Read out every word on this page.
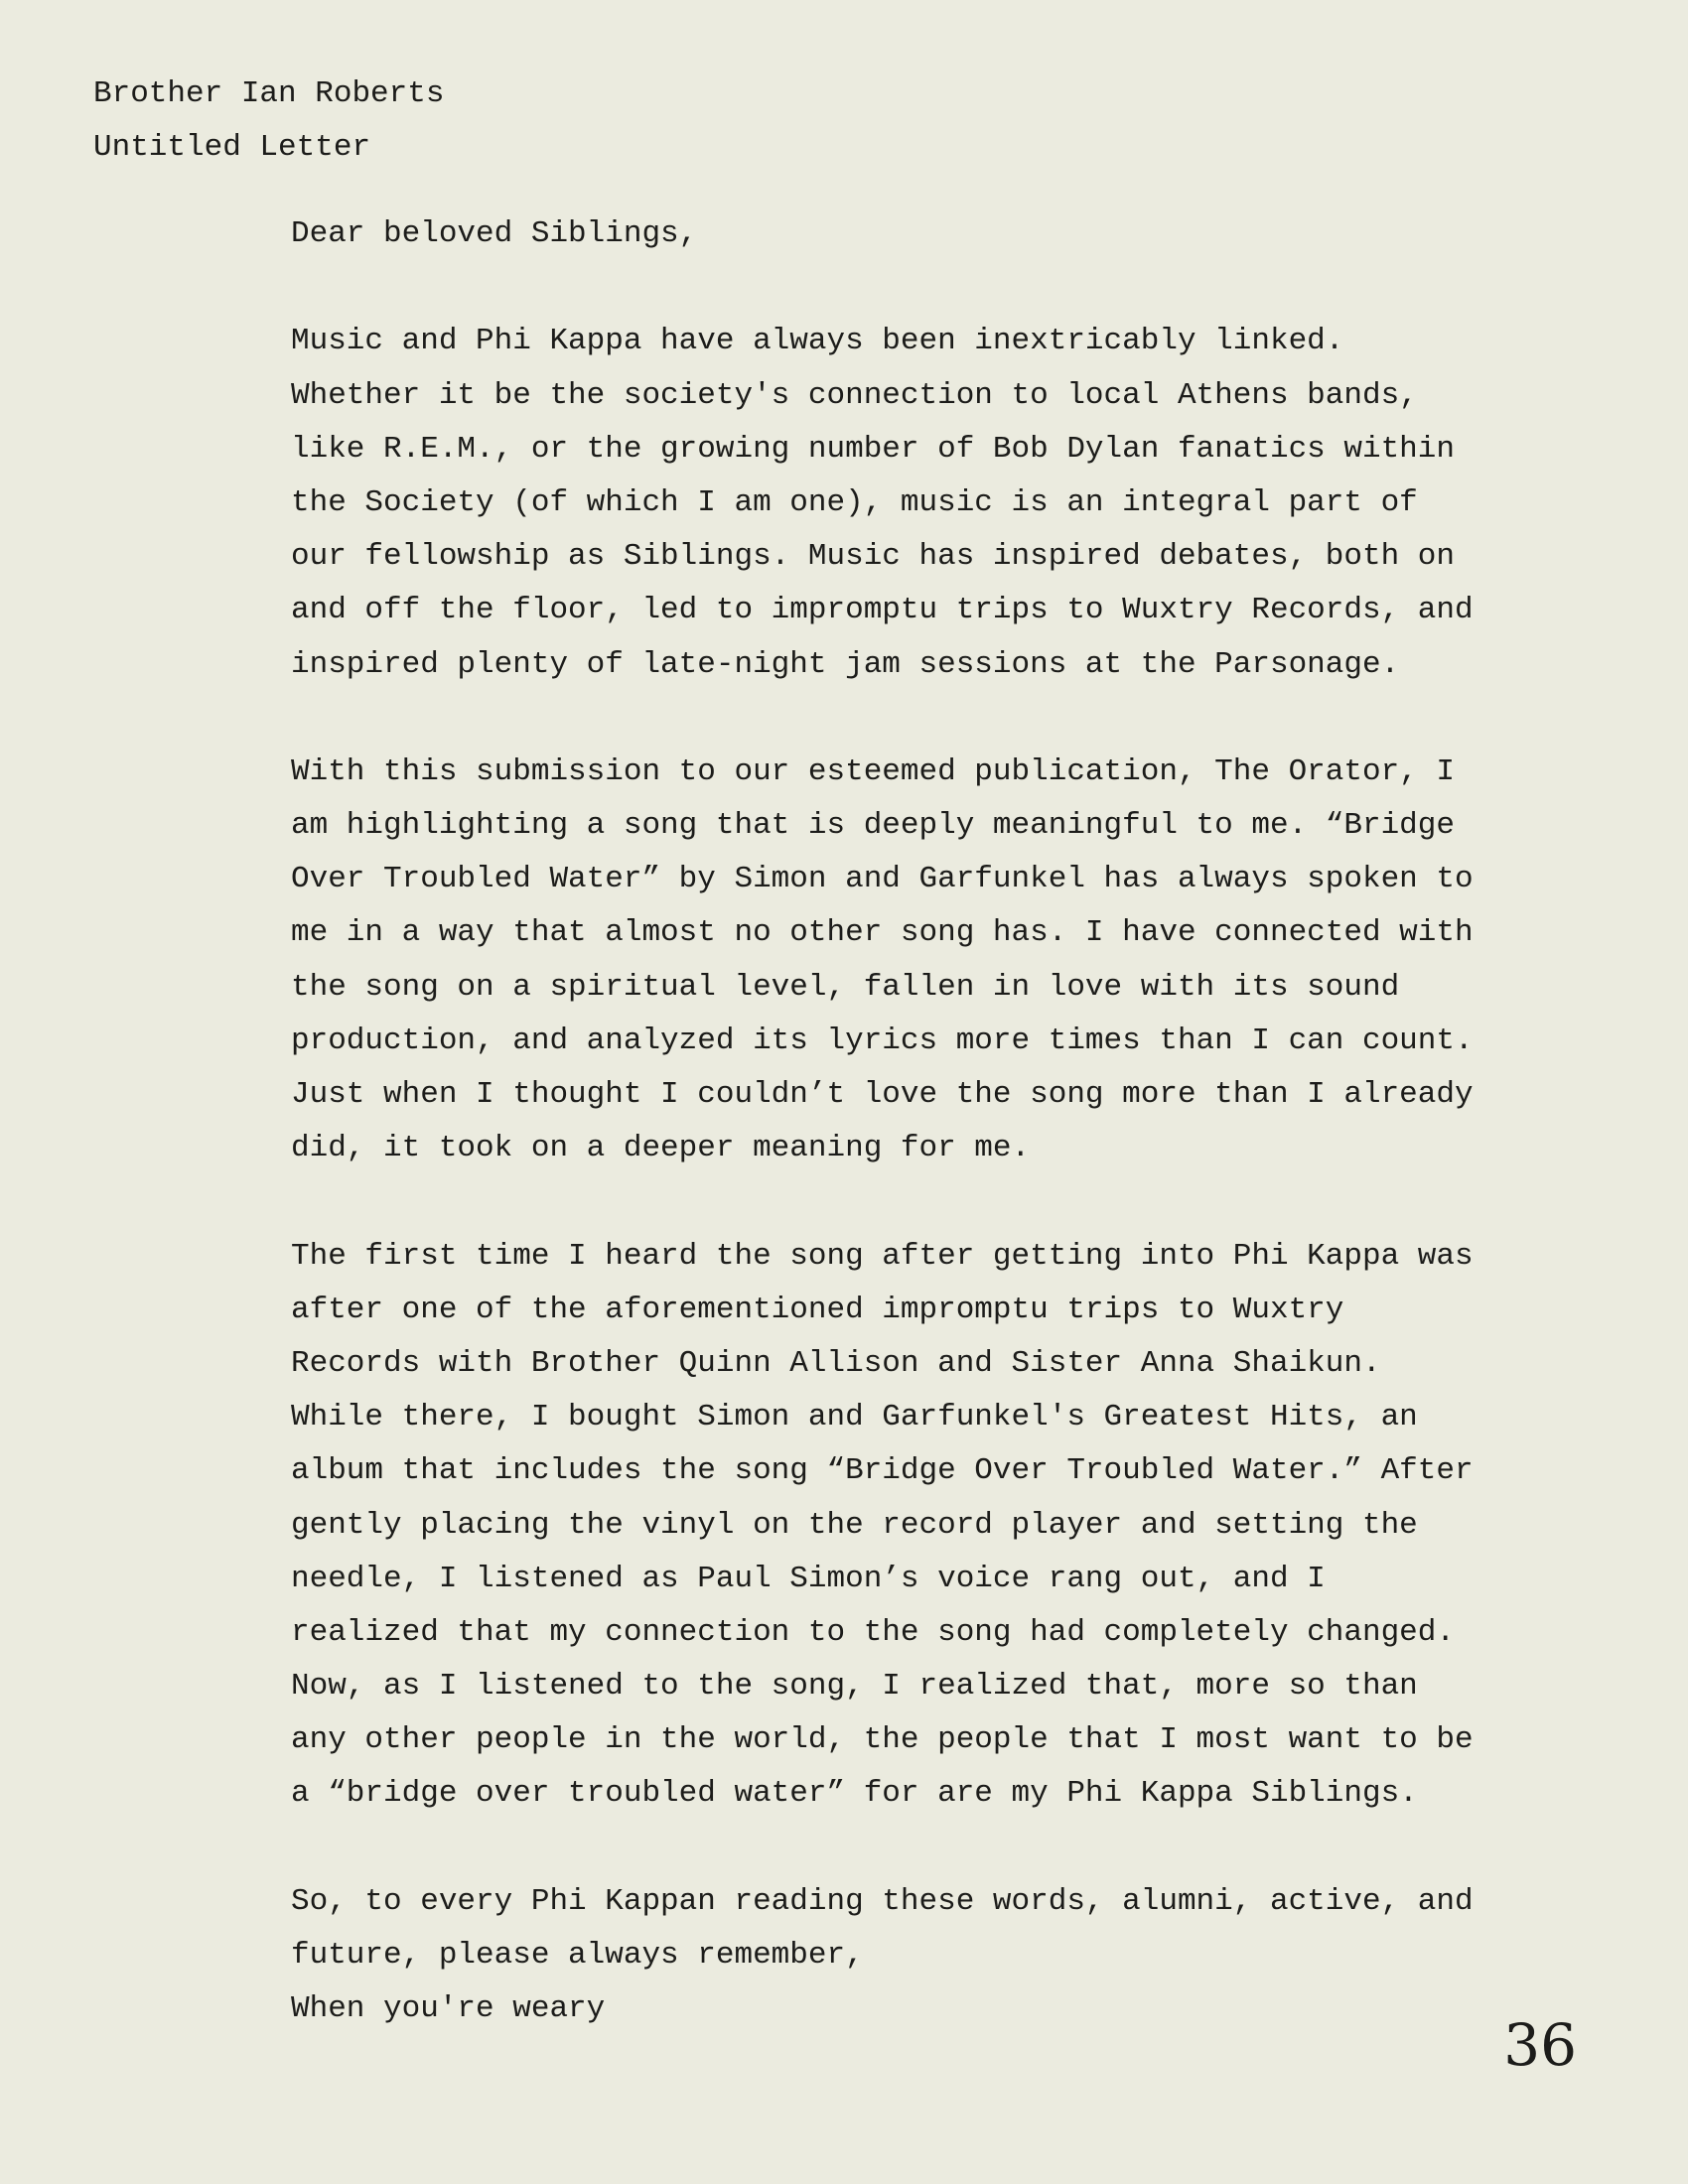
Brother Ian Roberts
Untitled Letter
Dear beloved Siblings,
Music and Phi Kappa have always been inextricably linked.
Whether it be the society's connection to local Athens bands,
like R.E.M., or the growing number of Bob Dylan fanatics within
the Society (of which I am one), music is an integral part of
our fellowship as Siblings. Music has inspired debates, both on
and off the floor, led to impromptu trips to Wuxtry Records, and
inspired plenty of late-night jam sessions at the Parsonage.
With this submission to our esteemed publication, The Orator, I
am highlighting a song that is deeply meaningful to me. “Bridge
Over Troubled Water” by Simon and Garfunkel has always spoken to
me in a way that almost no other song has. I have connected with
the song on a spiritual level, fallen in love with its sound
production, and analyzed its lyrics more times than I can count.
Just when I thought I couldn’t love the song more than I already
did, it took on a deeper meaning for me.
The first time I heard the song after getting into Phi Kappa was
after one of the aforementioned impromptu trips to Wuxtry
Records with Brother Quinn Allison and Sister Anna Shaikun.
While there, I bought Simon and Garfunkel's Greatest Hits, an
album that includes the song “Bridge Over Troubled Water.” After
gently placing the vinyl on the record player and setting the
needle, I listened as Paul Simon’s voice rang out, and I
realized that my connection to the song had completely changed.
Now, as I listened to the song, I realized that, more so than
any other people in the world, the people that I most want to be
a “bridge over troubled water” for are my Phi Kappa Siblings.
So, to every Phi Kappan reading these words, alumni, active, and
future, please always remember,
When you're weary
36
